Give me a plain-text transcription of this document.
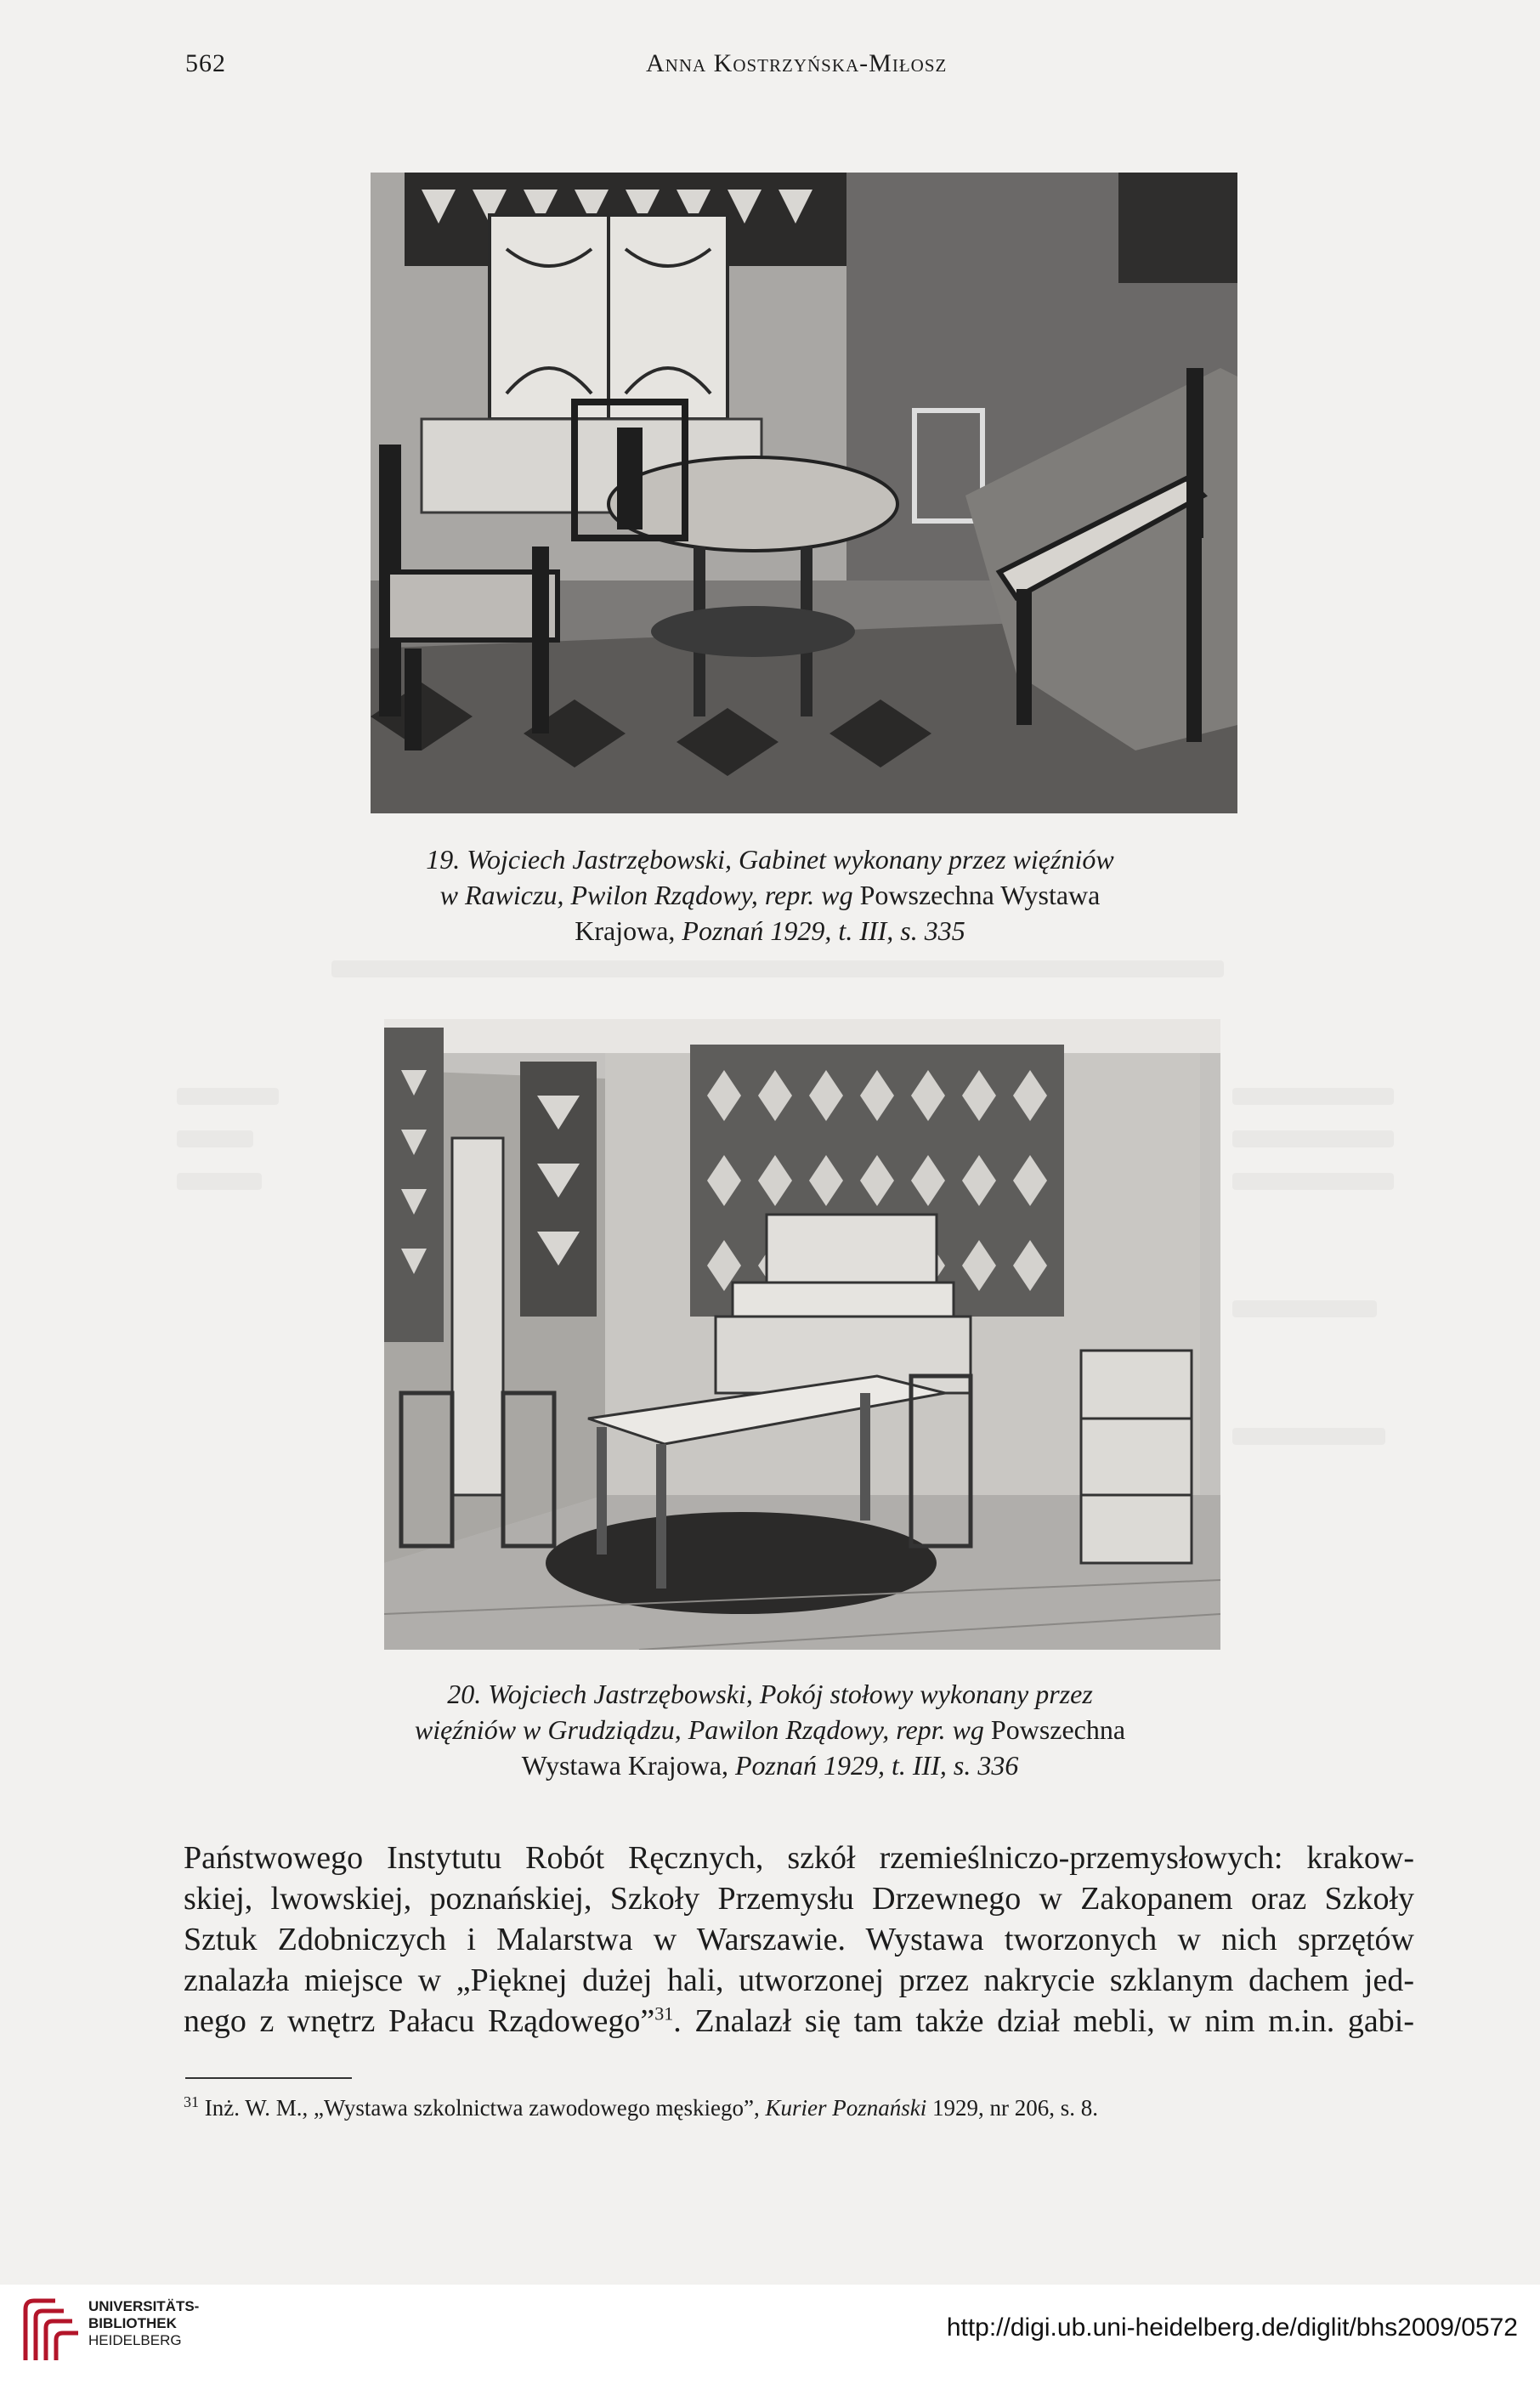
562	Anna Kostrzyńska-Miłosz
19. Wojciech Jastrzębowski, Gabinet wykonany przez więźniów
w Rawiczu, Pwilon Rządowy, repr. wg Powszechna Wystawa
Krajowa, Poznań 1929, t. III, s. 335
20. Wojciech Jastrzębowski, Pokój stołowy wykonany przez
więźniów w Grudziądzu, Pawilon Rządowy, repr. wg Powszechna
Wystawa Krajowa, Poznań 1929, t. III, s. 336
Państwowego Instytutu Robót Ręcznych, szkół rzemieślniczo-przemysłowych: krakow-
skiej, lwowskiej, poznańskiej, Szkoły Przemysłu Drzewnego w Zakopanem oraz Szkoły
Sztuk Zdobniczych i Malarstwa w Warszawie. Wystawa tworzonych w nich sprzętów
znalazła miejsce w „Pięknej dużej hali, utworzonej przez nakrycie szklanym dachem jed-
nego z wnętrz Pałacu Rządowego”$^{31}$. Znalazł się tam także dział mebli, w nim m.in. gabi-
$^{31}$ Inż. W. M., „Wystawa szkolnictwa zawodowego męskiego”, Kurier Poznański 1929, nr 206, s. 8.
UNIVERSITÄTS-
BIBLIOTHEK
HEIDELBERG	http://digi.ub.uni-heidelberg.de/diglit/bhs2009/0572
